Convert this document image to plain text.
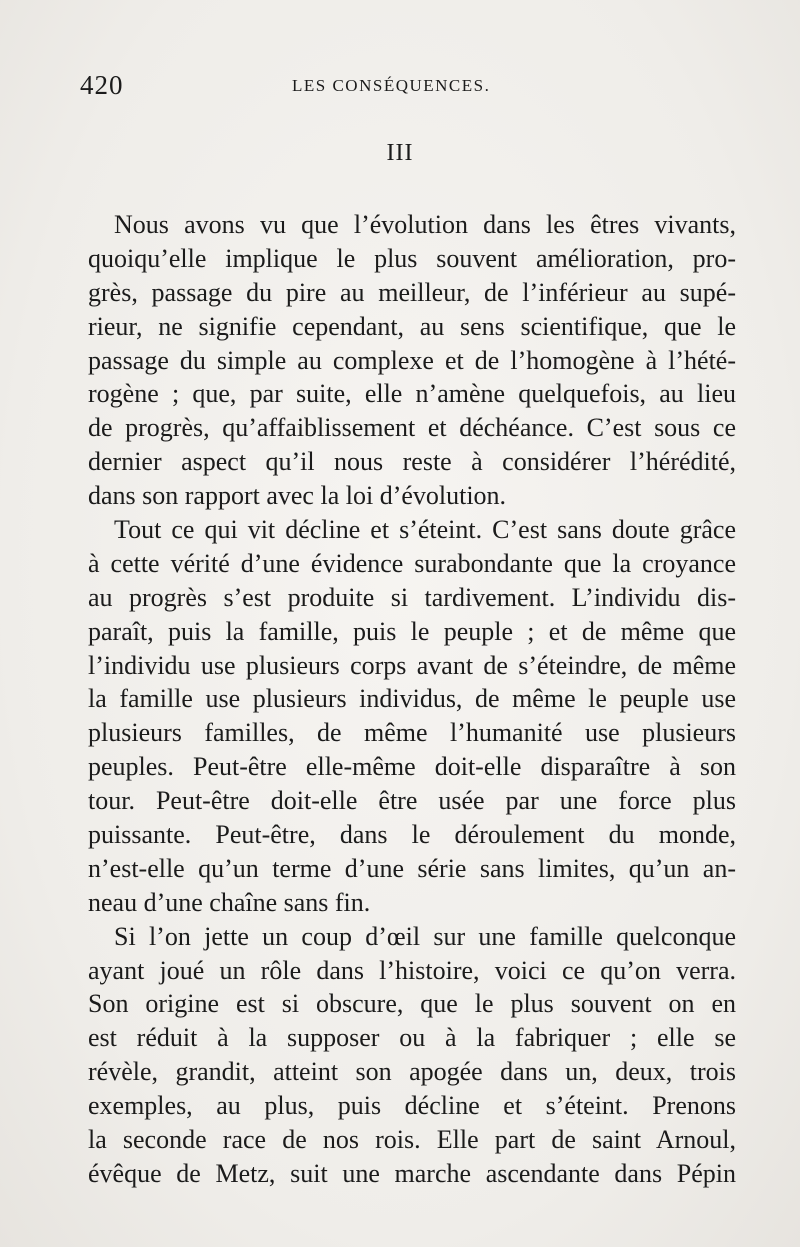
420	LES CONSÉQUENCES.
III
Nous avons vu que l’évolution dans les êtres vivants,
quoiqu’elle implique le plus souvent amélioration, pro-
grès, passage du pire au meilleur, de l’inférieur au supé-
rieur, ne signifie cependant, au sens scientifique, que le
passage du simple au complexe et de l’homogène à l’hété-
rogène ; que, par suite, elle n’amène quelquefois, au lieu
de progrès, qu’affaiblissement et déchéance. C’est sous ce
dernier aspect qu’il nous reste à considérer l’hérédité,
dans son rapport avec la loi d’évolution.
Tout ce qui vit décline et s’éteint. C’est sans doute grâce
à cette vérité d’une évidence surabondante que la croyance
au progrès s’est produite si tardivement. L’individu dis-
paraît, puis la famille, puis le peuple ; et de même que
l’individu use plusieurs corps avant de s’éteindre, de même
la famille use plusieurs individus, de même le peuple use
plusieurs familles, de même l’humanité use plusieurs
peuples. Peut-être elle-même doit-elle disparaître à son
tour. Peut-être doit-elle être usée par une force plus
puissante. Peut-être, dans le déroulement du monde,
n’est-elle qu’un terme d’une série sans limites, qu’un an-
neau d’une chaîne sans fin.
Si l’on jette un coup d’œil sur une famille quelconque
ayant joué un rôle dans l’histoire, voici ce qu’on verra.
Son origine est si obscure, que le plus souvent on en
est réduit à la supposer ou à la fabriquer ; elle se
révèle, grandit, atteint son apogée dans un, deux, trois
exemples, au plus, puis décline et s’éteint. Prenons
la seconde race de nos rois. Elle part de saint Arnoul,
évêque de Metz, suit une marche ascendante dans Pépin
